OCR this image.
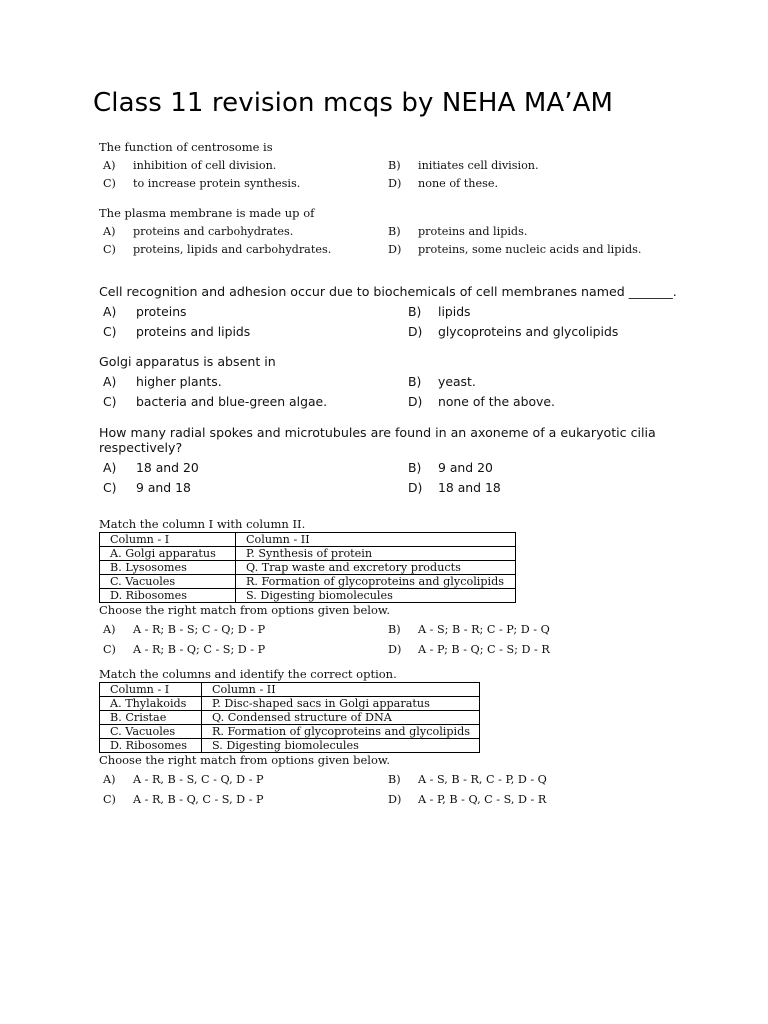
Class 11 revision mcqs by NEHA MA’AM
The function of centrosome is
A) inhibition of cell division.	B) initiates cell division.
C) to increase protein synthesis.	D) none of these.
The plasma membrane is made up of
A) proteins and carbohydrates.	B) proteins and lipids.
C) proteins, lipids and carbohydrates.	D) proteins, some nucleic acids and lipids.
Cell recognition and adhesion occur due to biochemicals of cell membranes named _______.
A) proteins	B) lipids
C) proteins and lipids	D) glycoproteins and glycolipids
Golgi apparatus is absent in
A) higher plants.	B) yeast.
C) bacteria and blue-green algae.	D) none of the above.
How many radial spokes and microtubules are found in an axoneme of a eukaryotic cilia
respectively?
A) 18 and 20	B) 9 and 20
C) 9 and 18	D) 18 and 18
Match the column I with column II.
Column - I	Column - II
A. Golgi apparatus	P. Synthesis of protein
B. Lysosomes	Q. Trap waste and excretory products
C. Vacuoles	R. Formation of glycoproteins and glycolipids
D. Ribosomes	S. Digesting biomolecules
Choose the right match from options given below.
A) A - R; B - S; C - Q; D - P	B) A - S; B - R; C - P; D - Q
C) A - R; B - Q; C - S; D - P	D) A - P; B - Q; C - S; D - R
Match the columns and identify the correct option.
Column - I	Column - II
A. Thylakoids	P. Disc-shaped sacs in Golgi apparatus
B. Cristae	Q. Condensed structure of DNA
C. Vacuoles	R. Formation of glycoproteins and glycolipids
D. Ribosomes	S. Digesting biomolecules
Choose the right match from options given below.
A) A - R, B - S, C - Q, D - P	B) A - S, B - R, C - P, D - Q
C) A - R, B - Q, C - S, D - P	D) A - P, B - Q, C - S, D - R
